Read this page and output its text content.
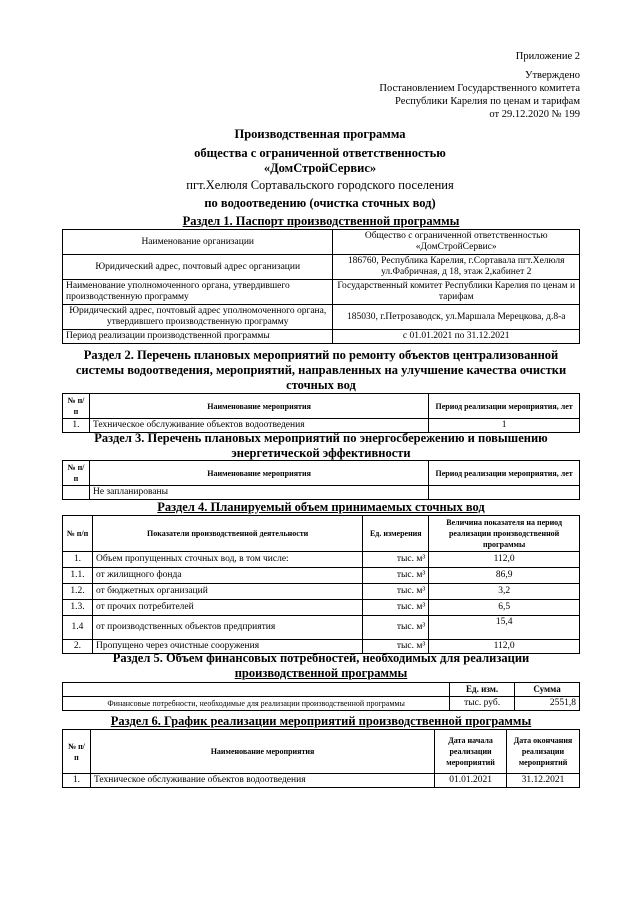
Приложение 2
Утверждено
Постановлением Государственного комитета
Республики Карелия по ценам и тарифам
от 29.12.2020 № 199
Производственная программа
общества с ограниченной ответственностью
«ДомСтройСервис»
пгт.Хелюля Сортавальского городского поселения
по водоотведению (очистка сточных вод)
Раздел 1. Паспорт производственной программы
Наименование организации	Общество с ограниченной ответственностью «ДомСтройСервис»
Юридический адрес, почтовый адрес организации	186760, Республика Карелия, г.Сортавала пгт.Хелюля ул.Фабричная, д 18, этаж 2,кабинет 2
Наименование уполномоченного органа, утвердившего производственную программу	Государственный комитет Республики Карелия по ценам и тарифам
Юридический адрес, почтовый адрес уполномоченного органа, утвердившего производственную программу	185030, г.Петрозаводск, ул.Маршала Мерецкова, д.8-а
Период реализации производственной программы	с 01.01.2021 по 31.12.2021
Раздел 2. Перечень плановых мероприятий по ремонту объектов централизованной системы водоотведения, мероприятий, направленных на улучшение качества очистки сточных вод
№ п/п	Наименование мероприятия	Период реализации мероприятия, лет
1.	Техническое обслуживание объектов водоотведения	1
Раздел 3. Перечень плановых мероприятий по энергосбережению и повышению энергетической эффективности
№ п/п	Наименование мероприятия	Период реализации мероприятия, лет
	Не запланированы	
Раздел 4. Планируемый объем принимаемых сточных вод
№ п/п	Показатели производственной деятельности	Ед. измерения	Величина показателя на период реализации производственной программы
1.	Объем пропущенных сточных вод, в том числе:	тыс. м³	112,0
1.1.	от жилищного фонда	тыс. м³	86,9
1.2.	от бюджетных организаций	тыс. м³	3,2
1.3.	от прочих потребителей	тыс. м³	6,5
1.4	от производственных объектов предприятия	тыс. м³	15,4
2.	Пропущено через очистные сооружения	тыс. м³	112,0
Раздел 5. Объем финансовых потребностей, необходимых для реализации
производственной программы
	Ед. изм.	Сумма
Финансовые потребности, необходимые для реализации производственной программы	тыс. руб.	2551,8
Раздел 6. График реализации мероприятий производственной программы
№ п/п	Наименование мероприятия	Дата начала реализации мероприятий	Дата окончания реализации мероприятий
1.	Техническое обслуживание объектов водоотведения	01.01.2021	31.12.2021
